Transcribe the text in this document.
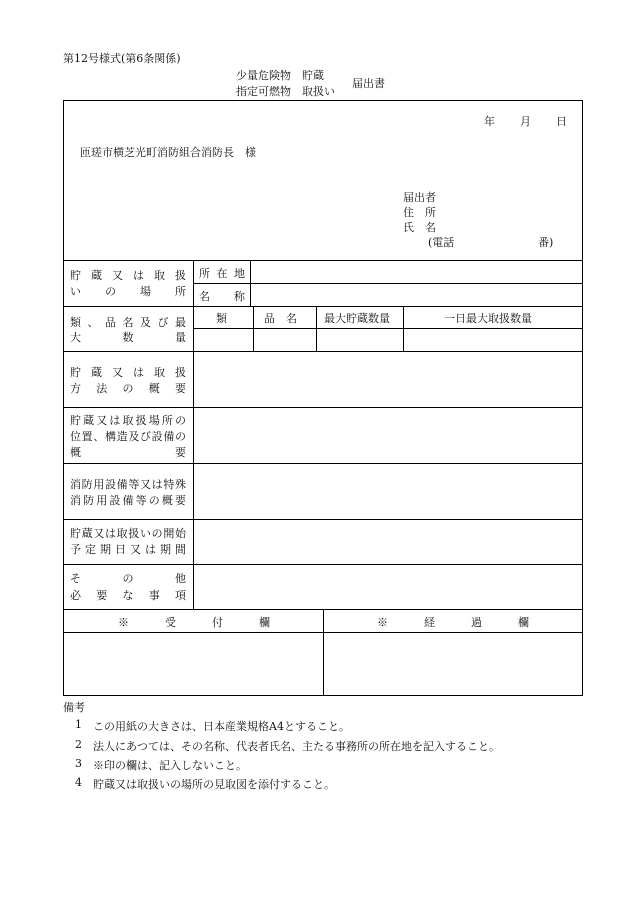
第12号様式(第6条関係)
少量危険物　貯蔵
指定可燃物　取扱い
届出書
年 月 日
匝瑳市横芝光町消防組合消防長　様
届出者
住　所
氏　名
(電話	番)
貯蔵又は取扱
いの場所
所在地
名　称
類、品名及び最
大数量
類	品　名 最大貯蔵数量	一日最大取扱数量
貯蔵又は取扱
方法の概要
貯蔵又は取扱場所の
位置、構造及び設備の
概要
消防用設備等又は特殊
消防用設備等の概要
貯蔵又は取扱いの開始
予定期日又は期間
その他
必要な事項
※受付欄	※経過欄
備考
1 この用紙の大きさは、日本産業規格A4とすること。
2 法人にあつては、その名称、代表者氏名、主たる事務所の所在地を記入すること。
3 ※印の欄は、記入しないこと。
4 貯蔵又は取扱いの場所の見取図を添付すること。
